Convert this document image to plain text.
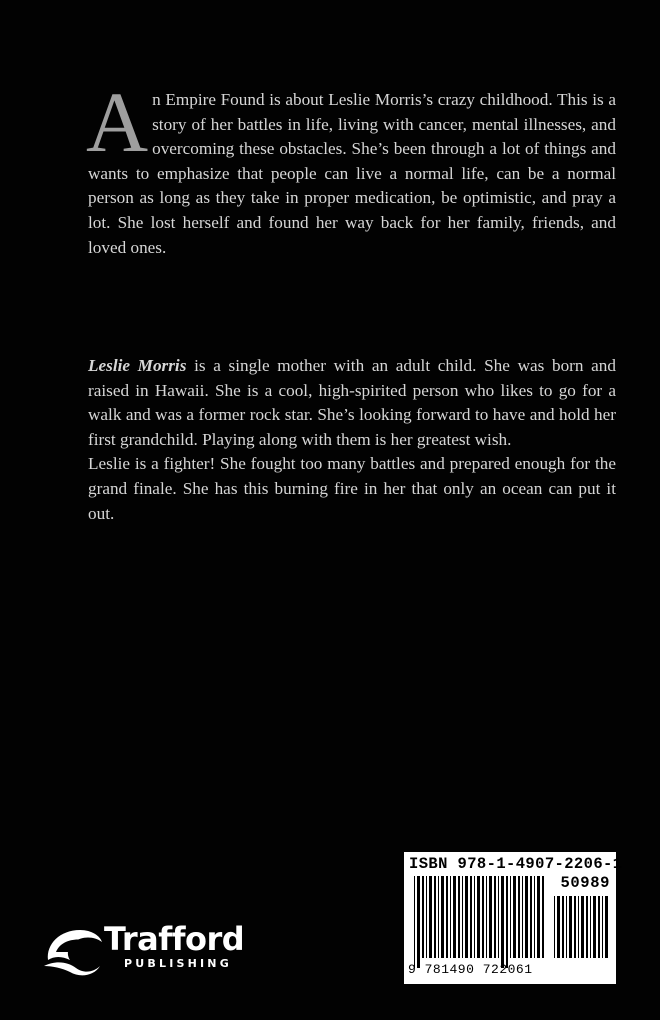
A n Empire Found is about Leslie Morris’s crazy childhood. This is a story of her battles in life, living with cancer, mental illnesses, and overcoming these obstacles. She’s been through a lot of things and wants to emphasize that people can live a normal life, can be a normal person as long as they take in proper medication, be optimistic, and pray a lot. She lost herself and found her way back for her family, friends, and loved ones.

Leslie Morris is a single mother with an adult child. She was born and raised in Hawaii. She is a cool, high-spirited person who likes to go for a walk and was a former rock star. She’s looking forward to have and hold her first grandchild. Playing along with them is her greatest wish.

Leslie is a fighter! She fought too many battles and prepared enough for the grand finale. She has this burning fire in her that only an ocean can put it out.

Trafford
PUBLISHING
ISBN 978-1-4907-2206-1
50989
9 781490 722061
